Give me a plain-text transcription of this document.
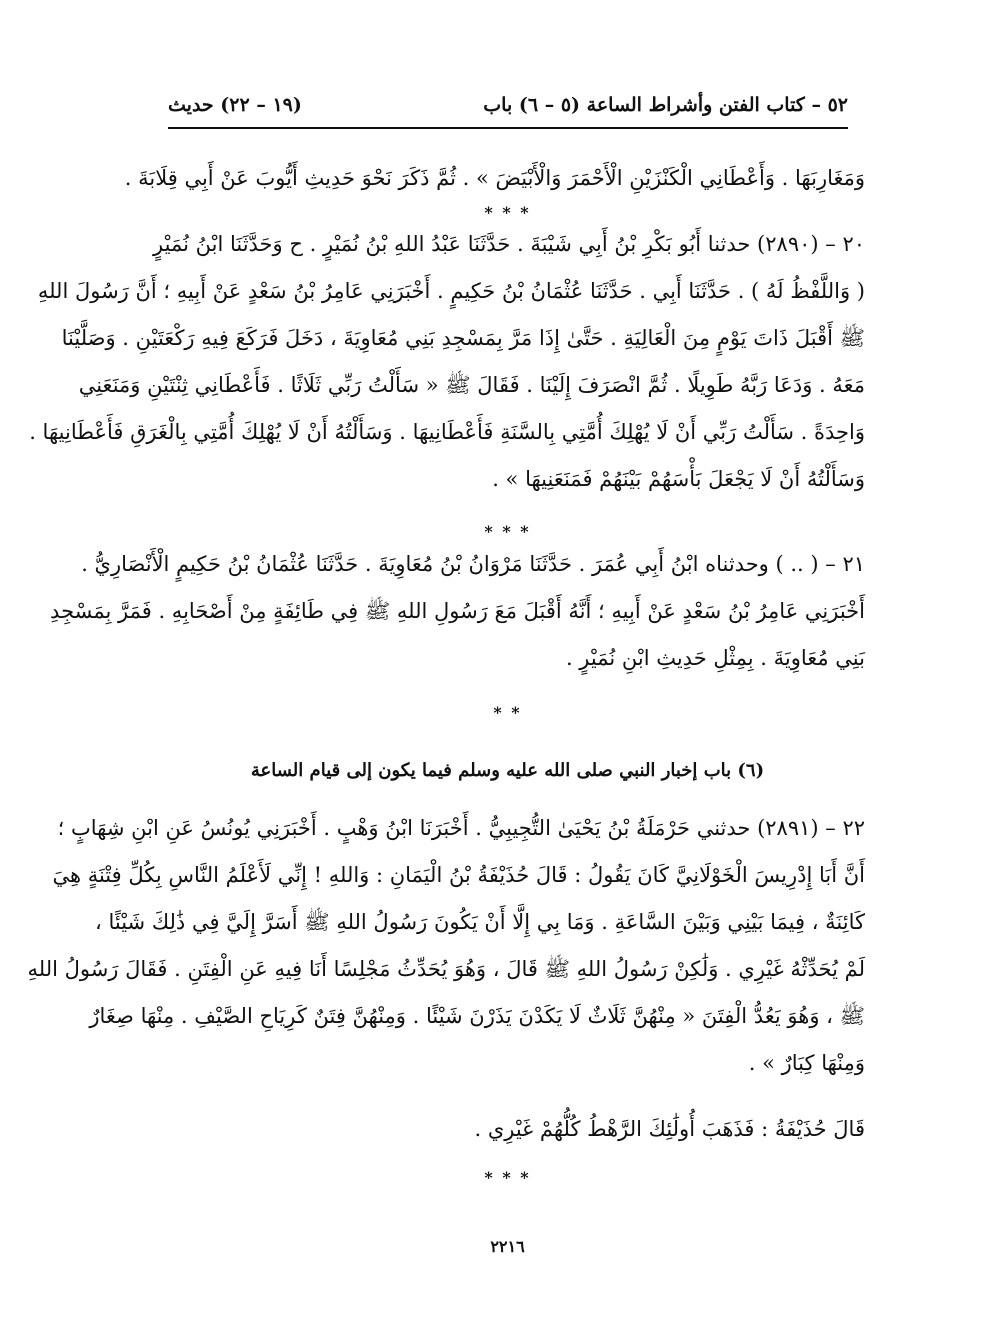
٥٢ – كتاب الفتن وأشراط الساعة (٥ – ٦) باب
(١٩ – ٢٢) حديث
وَمَغَارِبَهَا . وَأَعْطَانِي الْكَنْزَيْنِ الْأَحْمَرَ وَالْأَبْيَضَ » . ثُمَّ ذَكَرَ نَحْوَ حَدِيثِ أَيُّوبَ عَنْ أَبِي قِلَابَةَ .
* * *
٢٠ – (٢٨٩٠) حدثنا أَبُو بَكْرِ بْنُ أَبِي شَيْبَةَ . حَدَّثَنَا عَبْدُ اللهِ بْنُ نُمَيْرٍ . ح وَحَدَّثَنَا ابْنُ نُمَيْرٍ
( وَاللَّفْظُ لَهُ ) . حَدَّثَنَا أَبِي . حَدَّثَنَا عُثْمَانُ بْنُ حَكِيمٍ . أَخْبَرَنِي عَامِرُ بْنُ سَعْدٍ عَنْ أَبِيهِ ؛ أَنَّ رَسُولَ اللهِ
ﷺ أَقْبَلَ ذَاتَ يَوْمٍ مِنَ الْعَالِيَةِ . حَتَّىٰ إِذَا مَرَّ بِمَسْجِدِ بَنِي مُعَاوِيَةَ ، دَخَلَ فَرَكَعَ فِيهِ رَكْعَتَيْنِ . وَصَلَّيْنَا
مَعَهُ . وَدَعَا رَبَّهُ طَوِيلًا . ثُمَّ انْصَرَفَ إِلَيْنَا . فَقَالَ ﷺ « سَأَلْتُ رَبِّي ثَلَاثًا . فَأَعْطَانِي ثِنْتَيْنِ وَمَنَعَنِي
وَاحِدَةً . سَأَلْتُ رَبِّي أَنْ لَا يُهْلِكَ أُمَّتِي بِالسَّنَةِ فَأَعْطَانِيهَا . وَسَأَلْتُهُ أَنْ لَا يُهْلِكَ أُمَّتِي بِالْغَرَقِ فَأَعْطَانِيهَا .
وَسَأَلْتُهُ أَنْ لَا يَجْعَلَ بَأْسَهُمْ بَيْنَهُمْ فَمَنَعَنِيهَا » .
* * *
٢١ – ( .. ) وحدثناه ابْنُ أَبِي عُمَرَ . حَدَّثَنَا مَرْوَانُ بْنُ مُعَاوِيَةَ . حَدَّثَنَا عُثْمَانُ بْنُ حَكِيمٍ الْأَنْصَارِيُّ .
أَخْبَرَنِي عَامِرُ بْنُ سَعْدٍ عَنْ أَبِيهِ ؛ أَنَّهُ أَقْبَلَ مَعَ رَسُولِ اللهِ ﷺ فِي طَائِفَةٍ مِنْ أَصْحَابِهِ . فَمَرَّ بِمَسْجِدِ
بَنِي مُعَاوِيَةَ . بِمِثْلِ حَدِيثِ ابْنِ نُمَيْرٍ .
* *
(٦) باب إخبار النبي صلى الله عليه وسلم فيما يكون إلى قيام الساعة
٢٢ – (٢٨٩١) حدثني حَرْمَلَةُ بْنُ يَحْيَىٰ التُّجِيبِيُّ . أَخْبَرَنَا ابْنُ وَهْبٍ . أَخْبَرَنِي يُونُسُ عَنِ ابْنِ شِهَابٍ ؛
أَنَّ أَبَا إِدْرِيسَ الْخَوْلَانِيَّ كَانَ يَقُولُ : قَالَ حُذَيْفَةُ بْنُ الْيَمَانِ : وَاللهِ ! إِنِّي لَأَعْلَمُ النَّاسِ بِكُلِّ فِتْنَةٍ هِيَ
كَائِنَةٌ ، فِيمَا بَيْنِي وَبَيْنَ السَّاعَةِ . وَمَا بِي إِلَّا أَنْ يَكُونَ رَسُولُ اللهِ ﷺ أَسَرَّ إِلَيَّ فِي ذَٰلِكَ شَيْئًا ،
لَمْ يُحَدِّثْهُ غَيْرِي . وَلَٰكِنْ رَسُولُ اللهِ ﷺ قَالَ ، وَهُوَ يُحَدِّثُ مَجْلِسًا أَنَا فِيهِ عَنِ الْفِتَنِ . فَقَالَ رَسُولُ اللهِ
ﷺ ، وَهُوَ يَعُدُّ الْفِتَنَ « مِنْهُنَّ ثَلَاثٌ لَا يَكَدْنَ يَذَرْنَ شَيْئًا . وَمِنْهُنَّ فِتَنٌ كَرِيَاحِ الصَّيْفِ . مِنْهَا صِغَارٌ
وَمِنْهَا كِبَارٌ » .
قَالَ حُذَيْفَةُ : فَذَهَبَ أُولَٰئِكَ الرَّهْطُ كُلُّهُمْ غَيْرِي .
* * *
٢٢١٦
